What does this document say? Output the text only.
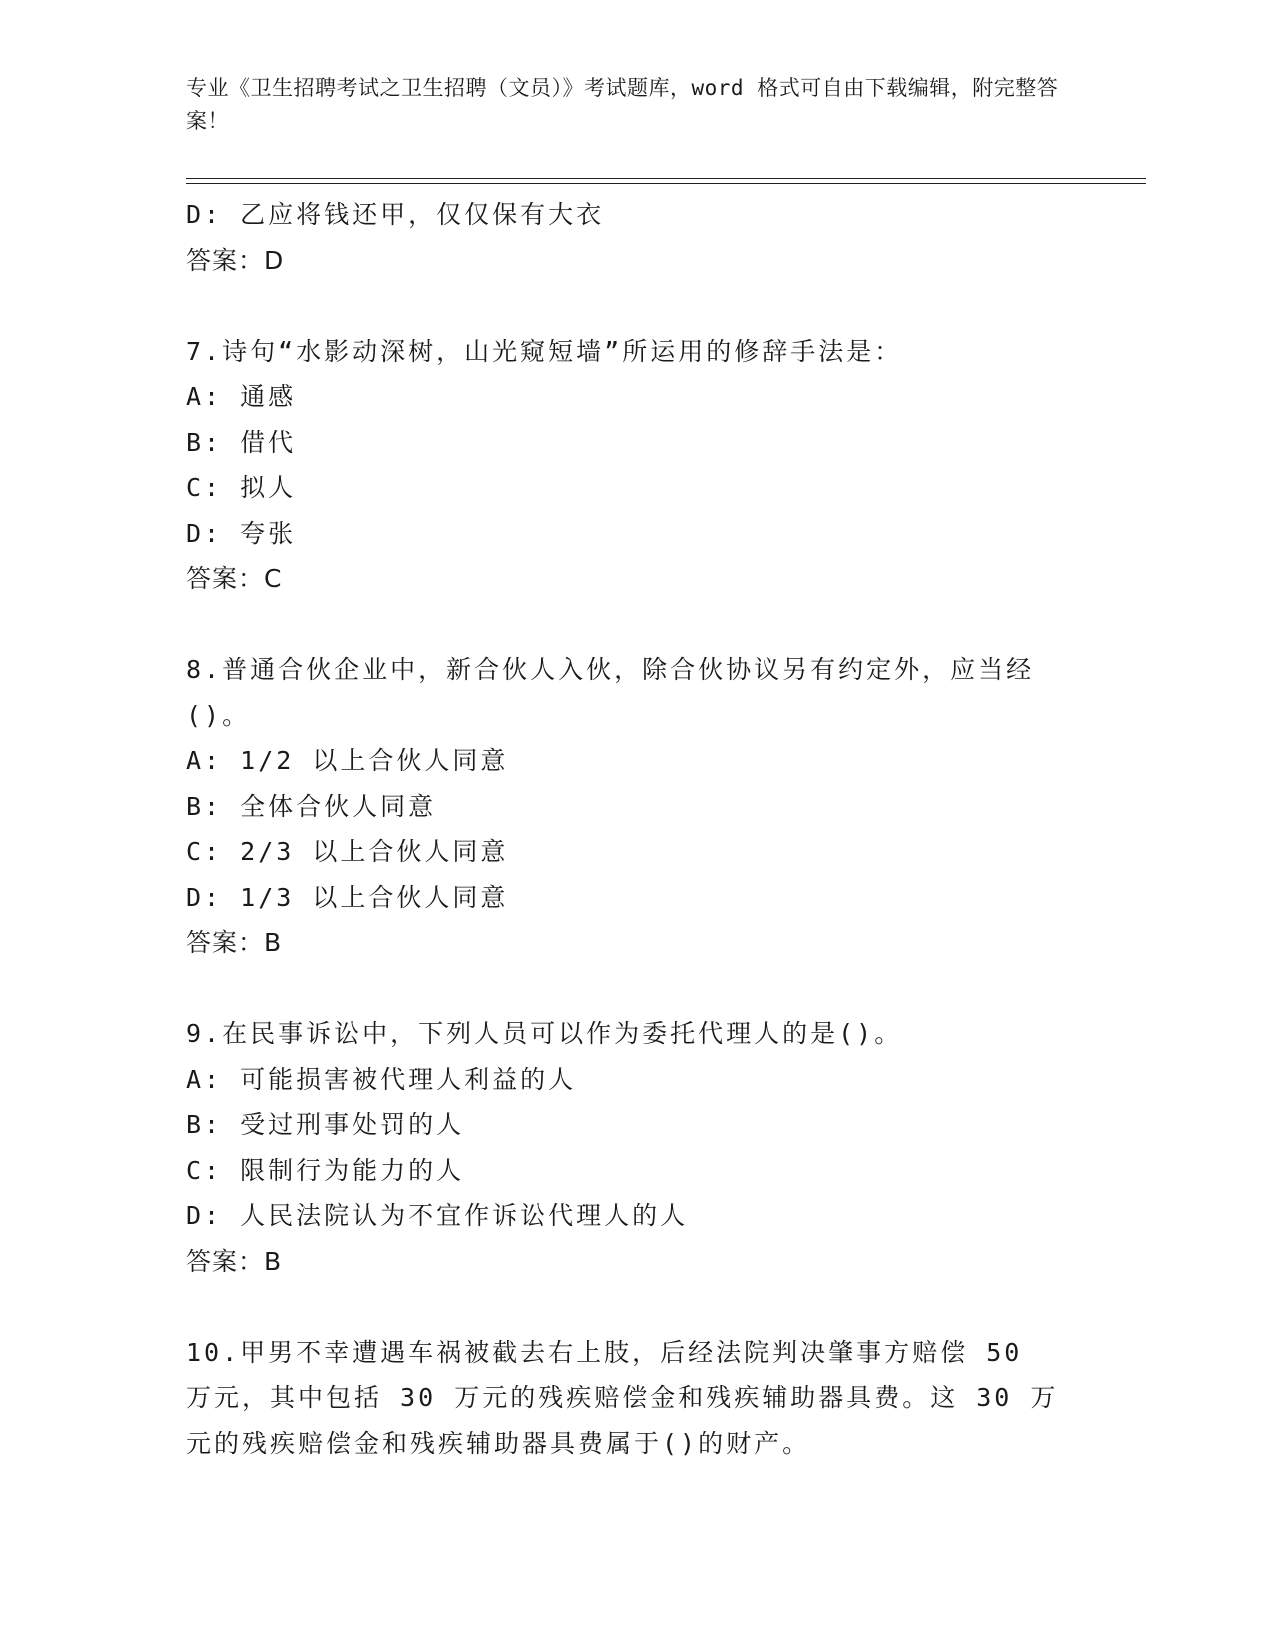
专业《卫生招聘考试之卫生招聘（文员）》考试题库，word 格式可自由下载编辑，附完整答案！
D: 乙应将钱还甲，仅仅保有大衣
答案：D
7.诗句“水影动深树，山光窥短墙”所运用的修辞手法是：
A: 通感
B: 借代
C: 拟人
D: 夸张
答案：C
8.普通合伙企业中，新合伙人入伙，除合伙协议另有约定外，应当经()。
A: 1/2 以上合伙人同意
B: 全体合伙人同意
C: 2/3 以上合伙人同意
D: 1/3 以上合伙人同意
答案：B
9.在民事诉讼中，下列人员可以作为委托代理人的是()。
A: 可能损害被代理人利益的人
B: 受过刑事处罚的人
C: 限制行为能力的人
D: 人民法院认为不宜作诉讼代理人的人
答案：B
10.甲男不幸遭遇车祸被截去右上肢，后经法院判决肇事方赔偿 50 万元，其中包括 30 万元的残疾赔偿金和残疾辅助器具费。这 30 万元的残疾赔偿金和残疾辅助器具费属于()的财产。
